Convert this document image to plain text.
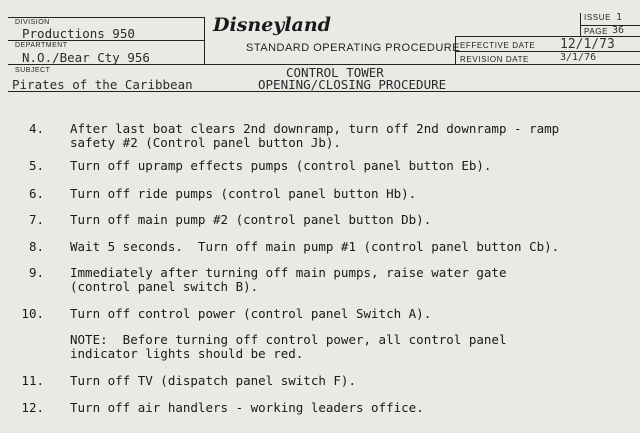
DIVISION
Productions 950
DEPARTMENT
N.O./Bear Cty 956
SUBJECT
Pirates of the Caribbean
Disneyland
STANDARD OPERATING PROCEDURE
ISSUE 1
PAGE 36
EFFECTIVE DATE 12/1/73
REVISION DATE	3/1/76
CONTROL TOWER
OPENING/CLOSING PROCEDURE
4. After last boat clears 2nd downramp, turn off 2nd downramp - ramp
safety #2 (Control panel button Jb).
5. Turn off upramp effects pumps (control panel button Eb).
6. Turn off ride pumps (control panel button Hb).
7. Turn off main pump #2 (control panel button Db).
8. Wait 5 seconds.  Turn off main pump #1 (control panel button Cb).
9. Immediately after turning off main pumps, raise water gate
(control panel switch B).
10. Turn off control power (control panel Switch A).
NOTE:  Before turning off control power, all control panel
indicator lights should be red.
11. Turn off TV (dispatch panel switch F).
12. Turn off air handlers - working leaders office.
